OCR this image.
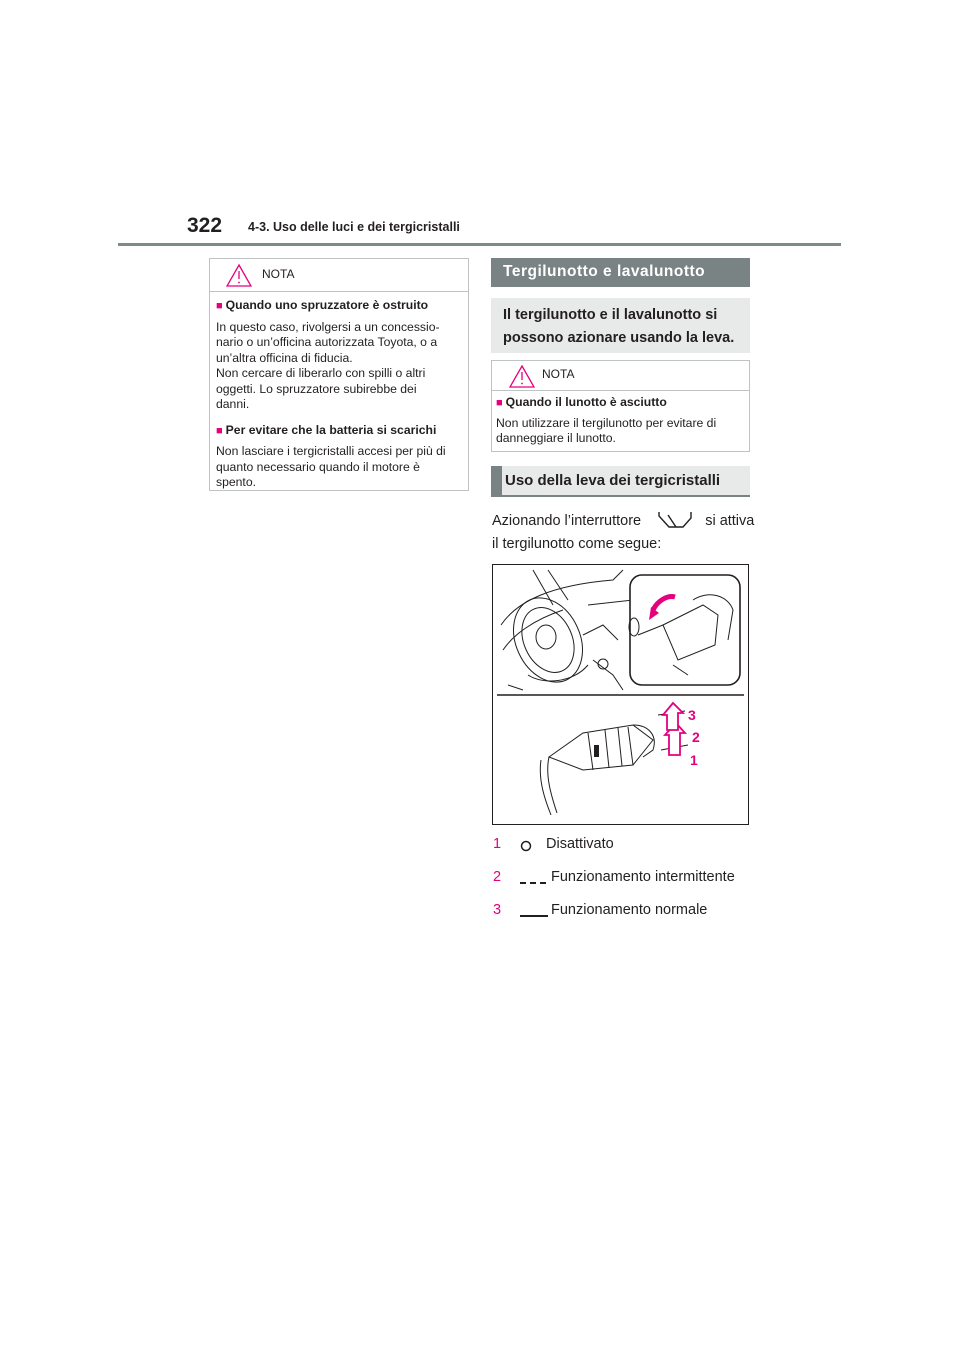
322 4-3. Uso delle luci e dei tergicristalli
NOTA
■ Quando uno spruzzatore è ostruito

In questo caso, rivolgersi a un concessio-
nario o un’officina autorizzata Toyota, o a
un’altra officina di fiducia.
Non cercare di liberarlo con spilli o altri
oggetti. Lo spruzzatore subirebbe dei
danni.

■ Per evitare che la batteria si scarichi

Non lasciare i tergicristalli accesi per più di
quanto necessario quando il motore è
spento.

Tergilunotto e lavalunotto
Il tergilunotto e il lavalunotto si
possono azionare usando la leva.
NOTA
■ Quando il lunotto è asciutto

Non utilizzare il tergilunotto per evitare di
danneggiare il lunotto.

Uso della leva dei tergicristalli
Azionando l’interruttore	si attiva
il tergilunotto come segue:
3
2
1
1	Disattivato
2	Funzionamento intermittente
3	Funzionamento normale
